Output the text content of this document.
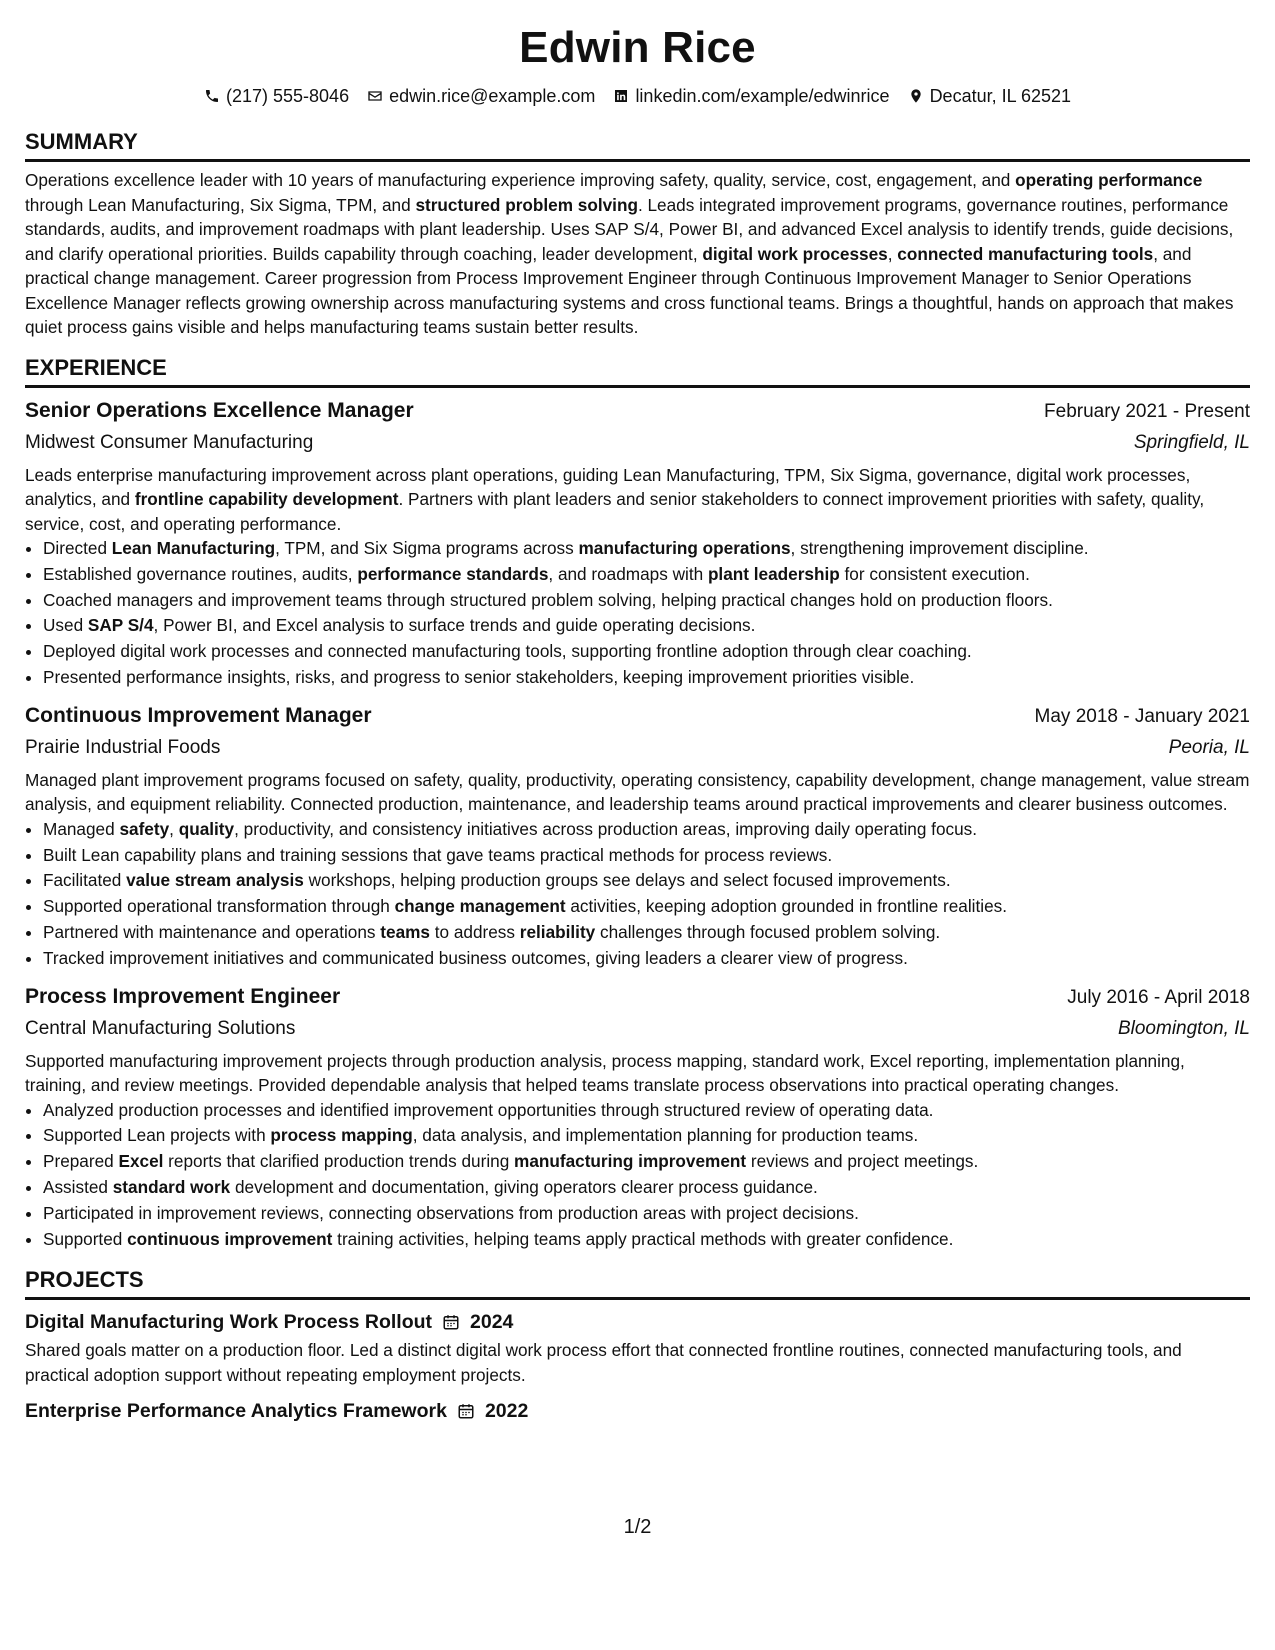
Edwin Rice
(217) 555-8046 edwin.rice@example.com linkedin.com/example/edwinrice Decatur, IL 62521
SUMMARY

Operations excellence leader with 10 years of manufacturing experience improving safety, quality, service, cost, engagement, and operating performance through Lean Manufacturing, Six Sigma, TPM, and structured problem solving. Leads integrated improvement programs, governance routines, performance standards, audits, and improvement roadmaps with plant leadership. Uses SAP S/4, Power BI, and advanced Excel analysis to identify trends, guide decisions, and clarify operational priorities. Builds capability through coaching, leader development, digital work processes, connected manufacturing tools, and practical change management. Career progression from Process Improvement Engineer through Continuous Improvement Manager to Senior Operations Excellence Manager reflects growing ownership across manufacturing systems and cross functional teams. Brings a thoughtful, hands on approach that makes quiet process gains visible and helps manufacturing teams sustain better results.

EXPERIENCE
Senior Operations Excellence Manager	February 2021 - Present
Midwest Consumer Manufacturing	Springfield, IL

Leads enterprise manufacturing improvement across plant operations, guiding Lean Manufacturing, TPM, Six Sigma, governance, digital work processes, analytics, and frontline capability development. Partners with plant leaders and senior stakeholders to connect improvement priorities with safety, quality, service, cost, and operating performance.

• Directed Lean Manufacturing, TPM, and Six Sigma programs across manufacturing operations, strengthening improvement discipline.
• Established governance routines, audits, performance standards, and roadmaps with plant leadership for consistent execution.
• Coached managers and improvement teams through structured problem solving, helping practical changes hold on production floors.
• Used SAP S/4, Power BI, and Excel analysis to surface trends and guide operating decisions.
• Deployed digital work processes and connected manufacturing tools, supporting frontline adoption through clear coaching.
• Presented performance insights, risks, and progress to senior stakeholders, keeping improvement priorities visible.
Continuous Improvement Manager	May 2018 - January 2021
Prairie Industrial Foods	Peoria, IL

Managed plant improvement programs focused on safety, quality, productivity, operating consistency, capability development, change management, value stream analysis, and equipment reliability. Connected production, maintenance, and leadership teams around practical improvements and clearer business outcomes.

• Managed safety, quality, productivity, and consistency initiatives across production areas, improving daily operating focus.
• Built Lean capability plans and training sessions that gave teams practical methods for process reviews.
• Facilitated value stream analysis workshops, helping production groups see delays and select focused improvements.
• Supported operational transformation through change management activities, keeping adoption grounded in frontline realities.
• Partnered with maintenance and operations teams to address reliability challenges through focused problem solving.
• Tracked improvement initiatives and communicated business outcomes, giving leaders a clearer view of progress.
Process Improvement Engineer	July 2016 - April 2018
Central Manufacturing Solutions	Bloomington, IL

Supported manufacturing improvement projects through production analysis, process mapping, standard work, Excel reporting, implementation planning, training, and review meetings. Provided dependable analysis that helped teams translate process observations into practical operating changes.

• Analyzed production processes and identified improvement opportunities through structured review of operating data.
• Supported Lean projects with process mapping, data analysis, and implementation planning for production teams.
• Prepared Excel reports that clarified production trends during manufacturing improvement reviews and project meetings.
• Assisted standard work development and documentation, giving operators clearer process guidance.
• Participated in improvement reviews, connecting observations from production areas with project decisions.
• Supported continuous improvement training activities, helping teams apply practical methods with greater confidence.
PROJECTS
Digital Manufacturing Work Process Rollout 2024

Shared goals matter on a production floor. Led a distinct digital work process effort that connected frontline routines, connected manufacturing tools, and practical adoption support without repeating employment projects.

Enterprise Performance Analytics Framework 2022
1/2
